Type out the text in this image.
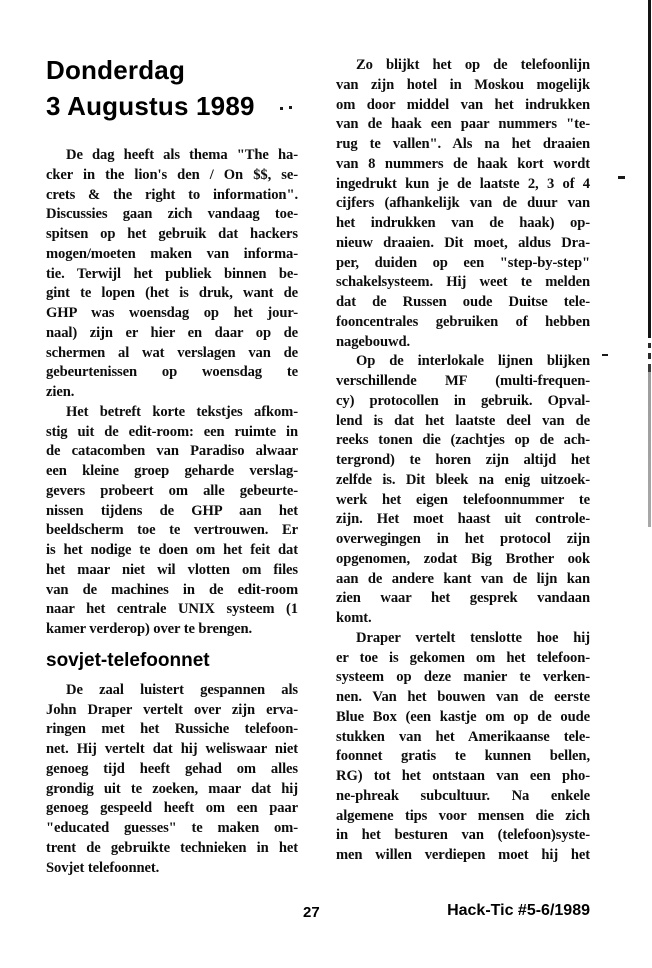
Donderdag
3 Augustus 1989
De dag heeft als thema "The ha-
cker in the lion's den / On $$, se-
crets & the right to information".
Discussies gaan zich vandaag toe-
spitsen op het gebruik dat hackers
mogen/moeten maken van informa-
tie. Terwijl het publiek binnen be-
gint te lopen (het is druk, want de
GHP was woensdag op het jour-
naal) zijn er hier en daar op de
schermen al wat verslagen van de
gebeurtenissen op woensdag te
zien.
Het betreft korte tekstjes afkom-
stig uit de edit-room: een ruimte in
de catacomben van Paradiso alwaar
een kleine groep geharde verslag-
gevers probeert om alle gebeurte-
nissen tijdens de GHP aan het
beeldscherm toe te vertrouwen. Er
is het nodige te doen om het feit dat
het maar niet wil vlotten om files
van de machines in de edit-room
naar het centrale UNIX systeem (1
kamer verderop) over te brengen.
sovjet-telefoonnet
De zaal luistert gespannen als
John Draper vertelt over zijn erva-
ringen met het Russiche telefoon-
net. Hij vertelt dat hij weliswaar niet
genoeg tijd heeft gehad om alles
grondig uit te zoeken, maar dat hij
genoeg gespeeld heeft om een paar
"educated guesses" te maken om-
trent de gebruikte technieken in het
Sovjet telefoonnet.
Zo blijkt het op de telefoonlijn
van zijn hotel in Moskou mogelijk
om door middel van het indrukken
van de haak een paar nummers "te-
rug te vallen". Als na het draaien
van 8 nummers de haak kort wordt
ingedrukt kun je de laatste 2, 3 of 4
cijfers (afhankelijk van de duur van
het indrukken van de haak) op-
nieuw draaien. Dit moet, aldus Dra-
per, duiden op een "step-by-step"
schakelsysteem. Hij weet te melden
dat de Russen oude Duitse tele-
fooncentrales gebruiken of hebben
nagebouwd.
Op de interlokale lijnen blijken
verschillende MF (multi-frequen-
cy) protocollen in gebruik. Opval-
lend is dat het laatste deel van de
reeks tonen die (zachtjes op de ach-
tergrond) te horen zijn altijd het
zelfde is. Dit bleek na enig uitzoek-
werk het eigen telefoonnummer te
zijn. Het moet haast uit controle-
overwegingen in het protocol zijn
opgenomen, zodat Big Brother ook
aan de andere kant van de lijn kan
zien waar het gesprek vandaan
komt.
Draper vertelt tenslotte hoe hij
er toe is gekomen om het telefoon-
systeem op deze manier te verken-
nen. Van het bouwen van de eerste
Blue Box (een kastje om op de oude
stukken van het Amerikaanse tele-
foonnet gratis te kunnen bellen,
RG) tot het ontstaan van een pho-
ne-phreak subcultuur. Na enkele
algemene tips voor mensen die zich
in het besturen van (telefoon)syste-
men willen verdiepen moet hij het
27	Hack-Tic #5-6/1989
